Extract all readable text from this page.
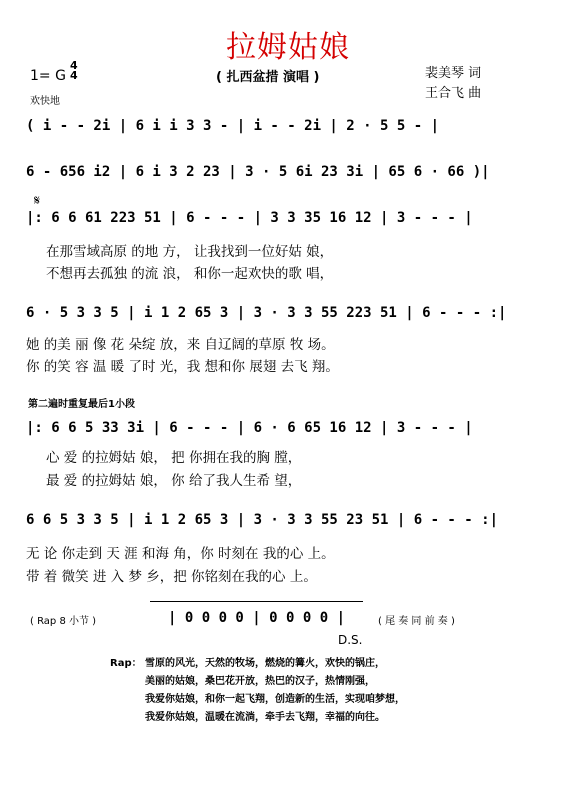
拉姆姑娘
1= G
4
4
欢快地
( 扎西盆措 演唱 )	裴美琴 词
王合飞 曲
( i - - 2i | 6 i i 3 3 - | i - - 2i | 2 · 5 5 - |
6 - 656 i2 | 6 i 3 2 23 | 3 · 5 6i 23 3i | 65 6 · 66 )|
𝄋
|: 6 6 61 223 51 | 6 - - - | 3 3 35 16 12 | 3 - - - |
在那雪域高原 的地 方， 让我找到一位好姑 娘，
不想再去孤独 的流 浪， 和你一起欢快的歌 唱，
6 · 5 3 3 5 | i 1 2 65 3 | 3 · 3 3 55 223 51 | 6 - - - :|
她 的美 丽 像 花 朵绽 放，来 自辽阔的草原 牧 场。
你 的笑 容 温 暖 了时 光，我 想和你 展翅 去飞 翔。
第二遍时重复最后1小段
|: 6 6 5 33 3i | 6 - - - | 6 · 6 65 16 12 | 3 - - - |
心 爱 的拉姆姑 娘， 把 你拥在我的胸 膛，
最 爱 的拉姆姑 娘， 你 给了我人生希 望，
6 6 5 3 3 5 | i 1 2 65 3 | 3 · 3 3 55 23 51 | 6 - - - :|
无 论 你走到 天 涯 和海 角，你 时刻在 我的心 上。
带 着 微笑 进 入 梦 乡，把 你铭刻在我的心 上。
( Rap 8 小节 )	| 0 0 0 0 | 0 0 0 0 |	( 尾 奏 同 前 奏 )
D.S.
Rap： 雪原的风光，天然的牧场，燃烧的篝火，欢快的锅庄，
美丽的姑娘，桑巴花开放，热巴的汉子，热情刚强，
我爱你姑娘，和你一起飞翔，创造新的生活，实现咱梦想，
我爱你姑娘，温暖在流淌，牵手去飞翔，幸福的向往。
